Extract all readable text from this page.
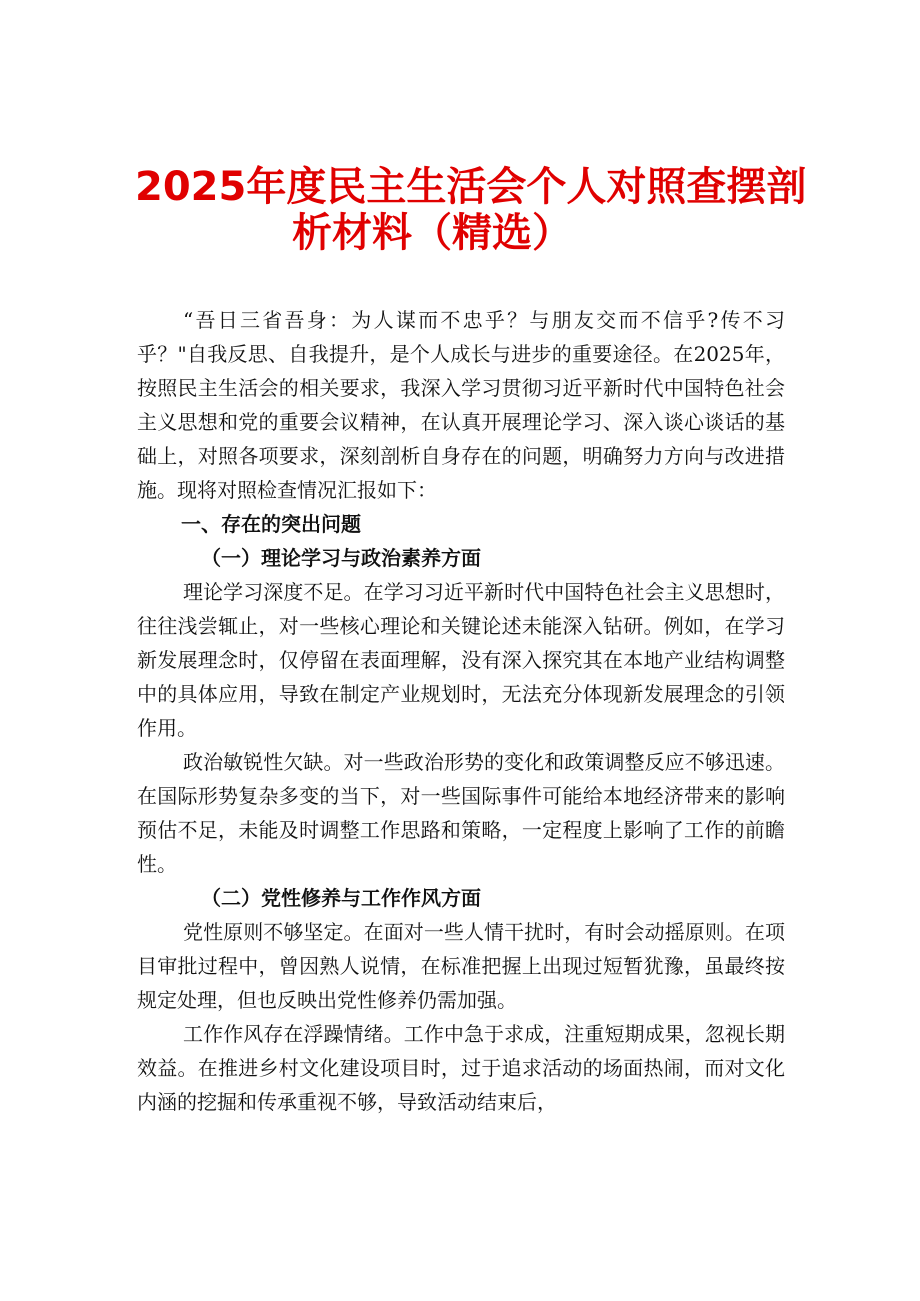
2025年度民主生活会个人对照查摆剖
析材料（精选）

“吾日三省吾身：为人谋而不忠乎？与朋友交而不信乎?传不习乎？"自我反思、自我提升，是个人成长与进步的重要途径。在2025年，按照民主生活会的相关要求，我深入学习贯彻习近平新时代中国特色社会主义思想和党的重要会议精神，在认真开展理论学习、深入谈心谈话的基础上，对照各项要求，深刻剖析自身存在的问题，明确努力方向与改进措施。现将对照检查情况汇报如下：

一、存在的突出问题

（一）理论学习与政治素养方面

理论学习深度不足。在学习习近平新时代中国特色社会主义思想时，往往浅尝辄止，对一些核心理论和关键论述未能深入钻研。例如，在学习新发展理念时，仅停留在表面理解，没有深入探究其在本地产业结构调整中的具体应用，导致在制定产业规划时，无法充分体现新发展理念的引领作用。

政治敏锐性欠缺。对一些政治形势的变化和政策调整反应不够迅速。在国际形势复杂多变的当下，对一些国际事件可能给本地经济带来的影响预估不足，未能及时调整工作思路和策略，一定程度上影响了工作的前瞻性。

（二）党性修养与工作作风方面

党性原则不够坚定。在面对一些人情干扰时，有时会动摇原则。在项目审批过程中，曾因熟人说情，在标准把握上出现过短暂犹豫，虽最终按规定处理，但也反映出党性修养仍需加强。

工作作风存在浮躁情绪。工作中急于求成，注重短期成果，忽视长期效益。在推进乡村文化建设项目时，过于追求活动的场面热闹，而对文化内涵的挖掘和传承重视不够，导致活动结束后，
